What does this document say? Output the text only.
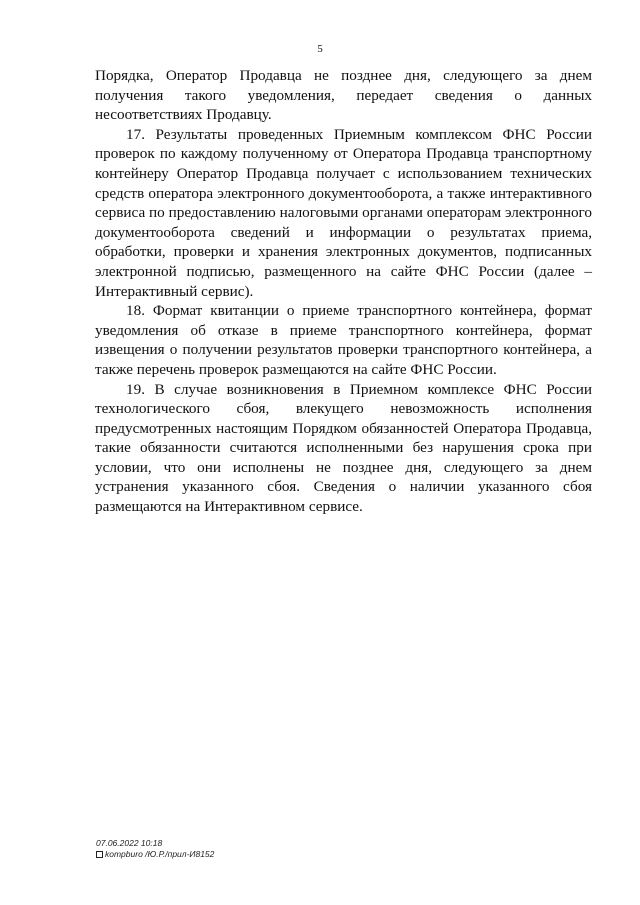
5

Порядка, Оператор Продавца не позднее дня, следующего за днем получения такого уведомления, передает сведения о данных несоответствиях Продавцу.

17. Результаты проведенных Приемным комплексом ФНС России проверок по каждому полученному от Оператора Продавца транспортному контейнеру Оператор Продавца получает с использованием технических средств оператора электронного документооборота, а также интерактивного сервиса по предоставлению налоговыми органами операторам электронного документооборота сведений и информации о результатах приема, обработки, проверки и хранения электронных документов, подписанных электронной подписью, размещенного на сайте ФНС России (далее – Интерактивный сервис).

18. Формат квитанции о приеме транспортного контейнера, формат уведомления об отказе в приеме транспортного контейнера, формат извещения о получении результатов проверки транспортного контейнера, а также перечень проверок размещаются на сайте ФНС России.

19. В случае возникновения в Приемном комплексе ФНС России технологического сбоя, влекущего невозможность исполнения предусмотренных настоящим Порядком обязанностей Оператора Продавца, такие обязанности считаются исполненными без нарушения срока при условии, что они исполнены не позднее дня, следующего за днем устранения указанного сбоя. Сведения о наличии указанного сбоя размещаются на Интерактивном сервисе.

07.06.2022 10:18
kompburo /Ю.Р./прил-И8152
